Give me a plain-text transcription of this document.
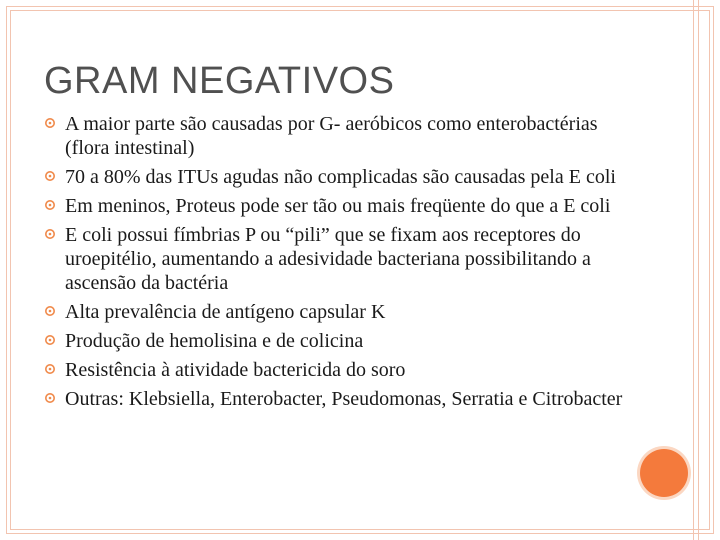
GRAM NEGATIVOS
A maior parte são causadas por G- aeróbicos como enterobactérias (flora intestinal)
70 a 80% das ITUs agudas não complicadas são causadas pela E coli
Em meninos, Proteus pode ser tão ou mais freqüente do que a E coli
E coli possui fímbrias P ou “pili” que se fixam aos receptores do uroepitélio, aumentando a adesividade bacteriana possibilitando a ascensão da bactéria
Alta prevalência de antígeno capsular K
Produção de hemolisina e de colicina
Resistência à atividade bactericida do soro
Outras: Klebsiella, Enterobacter, Pseudomonas, Serratia e Citrobacter
